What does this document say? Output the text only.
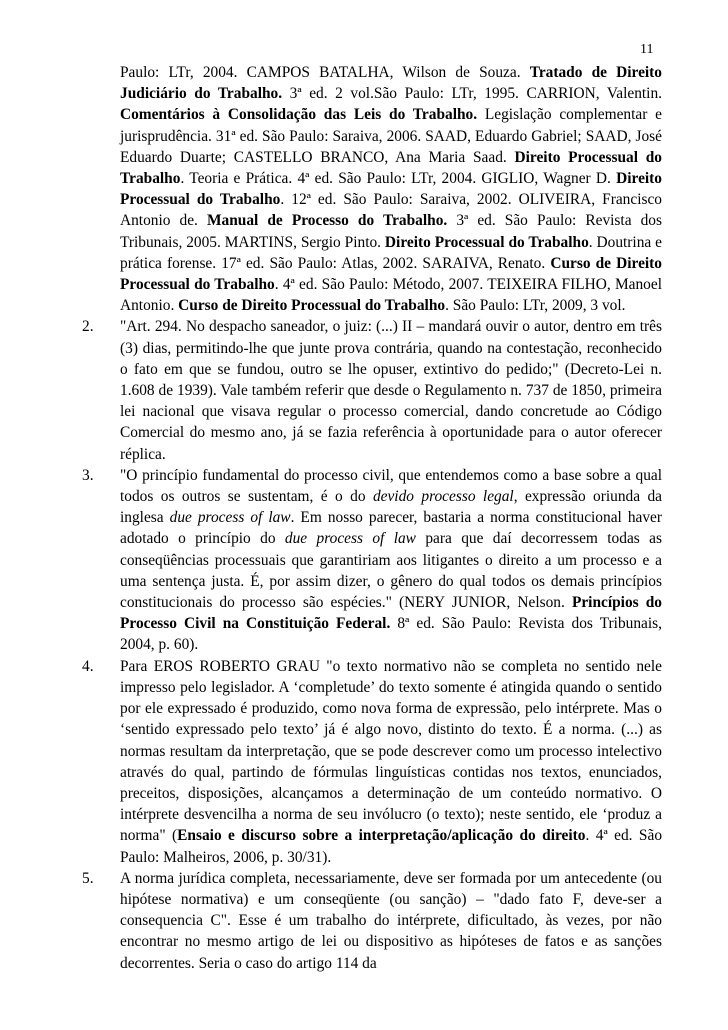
11

Paulo: LTr, 2004. CAMPOS BATALHA, Wilson de Souza. Tratado de Direito Judiciário do Trabalho. 3ª ed. 2 vol.São Paulo: LTr, 1995. CARRION, Valentin. Comentários à Consolidação das Leis do Trabalho. Legislação complementar e jurisprudência. 31ª ed. São Paulo: Saraiva, 2006. SAAD, Eduardo Gabriel; SAAD, José Eduardo Duarte; CASTELLO BRANCO, Ana Maria Saad. Direito Processual do Trabalho. Teoria e Prática. 4ª ed. São Paulo: LTr, 2004. GIGLIO, Wagner D. Direito Processual do Trabalho. 12ª ed. São Paulo: Saraiva, 2002. OLIVEIRA, Francisco Antonio de. Manual de Processo do Trabalho. 3ª ed. São Paulo: Revista dos Tribunais, 2005. MARTINS, Sergio Pinto. Direito Processual do Trabalho. Doutrina e prática forense. 17ª ed. São Paulo: Atlas, 2002. SARAIVA, Renato. Curso de Direito Processual do Trabalho. 4ª ed. São Paulo: Método, 2007. TEIXEIRA FILHO, Manoel Antonio. Curso de Direito Processual do Trabalho. São Paulo: LTr, 2009, 3 vol.

2. "Art. 294. No despacho saneador, o juiz: (...) II – mandará ouvir o autor, dentro em três (3) dias, permitindo-lhe que junte prova contrária, quando na contestação, reconhecido o fato em que se fundou, outro se lhe opuser, extintivo do pedido;" (Decreto-Lei n. 1.608 de 1939). Vale também referir que desde o Regulamento n. 737 de 1850, primeira lei nacional que visava regular o processo comercial, dando concretude ao Código Comercial do mesmo ano, já se fazia referência à oportunidade para o autor oferecer réplica.

3. "O princípio fundamental do processo civil, que entendemos como a base sobre a qual todos os outros se sustentam, é o do devido processo legal, expressão oriunda da inglesa due process of law. Em nosso parecer, bastaria a norma constitucional haver adotado o princípio do due process of law para que daí decorressem todas as conseqüências processuais que garantiriam aos litigantes o direito a um processo e a uma sentença justa. É, por assim dizer, o gênero do qual todos os demais princípios constitucionais do processo são espécies." (NERY JUNIOR, Nelson. Princípios do Processo Civil na Constituição Federal. 8ª ed. São Paulo: Revista dos Tribunais, 2004, p. 60).

4. Para EROS ROBERTO GRAU "o texto normativo não se completa no sentido nele impresso pelo legislador. A ‘completude’ do texto somente é atingida quando o sentido por ele expressado é produzido, como nova forma de expressão, pelo intérprete. Mas o ‘sentido expressado pelo texto’ já é algo novo, distinto do texto. É a norma. (...) as normas resultam da interpretação, que se pode descrever como um processo intelectivo através do qual, partindo de fórmulas linguísticas contidas nos textos, enunciados, preceitos, disposições, alcançamos a determinação de um conteúdo normativo. O intérprete desvencilha a norma de seu invólucro (o texto); neste sentido, ele ‘produz a norma" (Ensaio e discurso sobre a interpretação/aplicação do direito. 4ª ed. São Paulo: Malheiros, 2006, p. 30/31).

5. A norma jurídica completa, necessariamente, deve ser formada por um antecedente (ou hipótese normativa) e um conseqüente (ou sanção) – "dado fato F, deve-ser a consequencia C". Esse é um trabalho do intérprete, dificultado, às vezes, por não encontrar no mesmo artigo de lei ou dispositivo as hipóteses de fatos e as sanções decorrentes. Seria o caso do artigo 114 da
